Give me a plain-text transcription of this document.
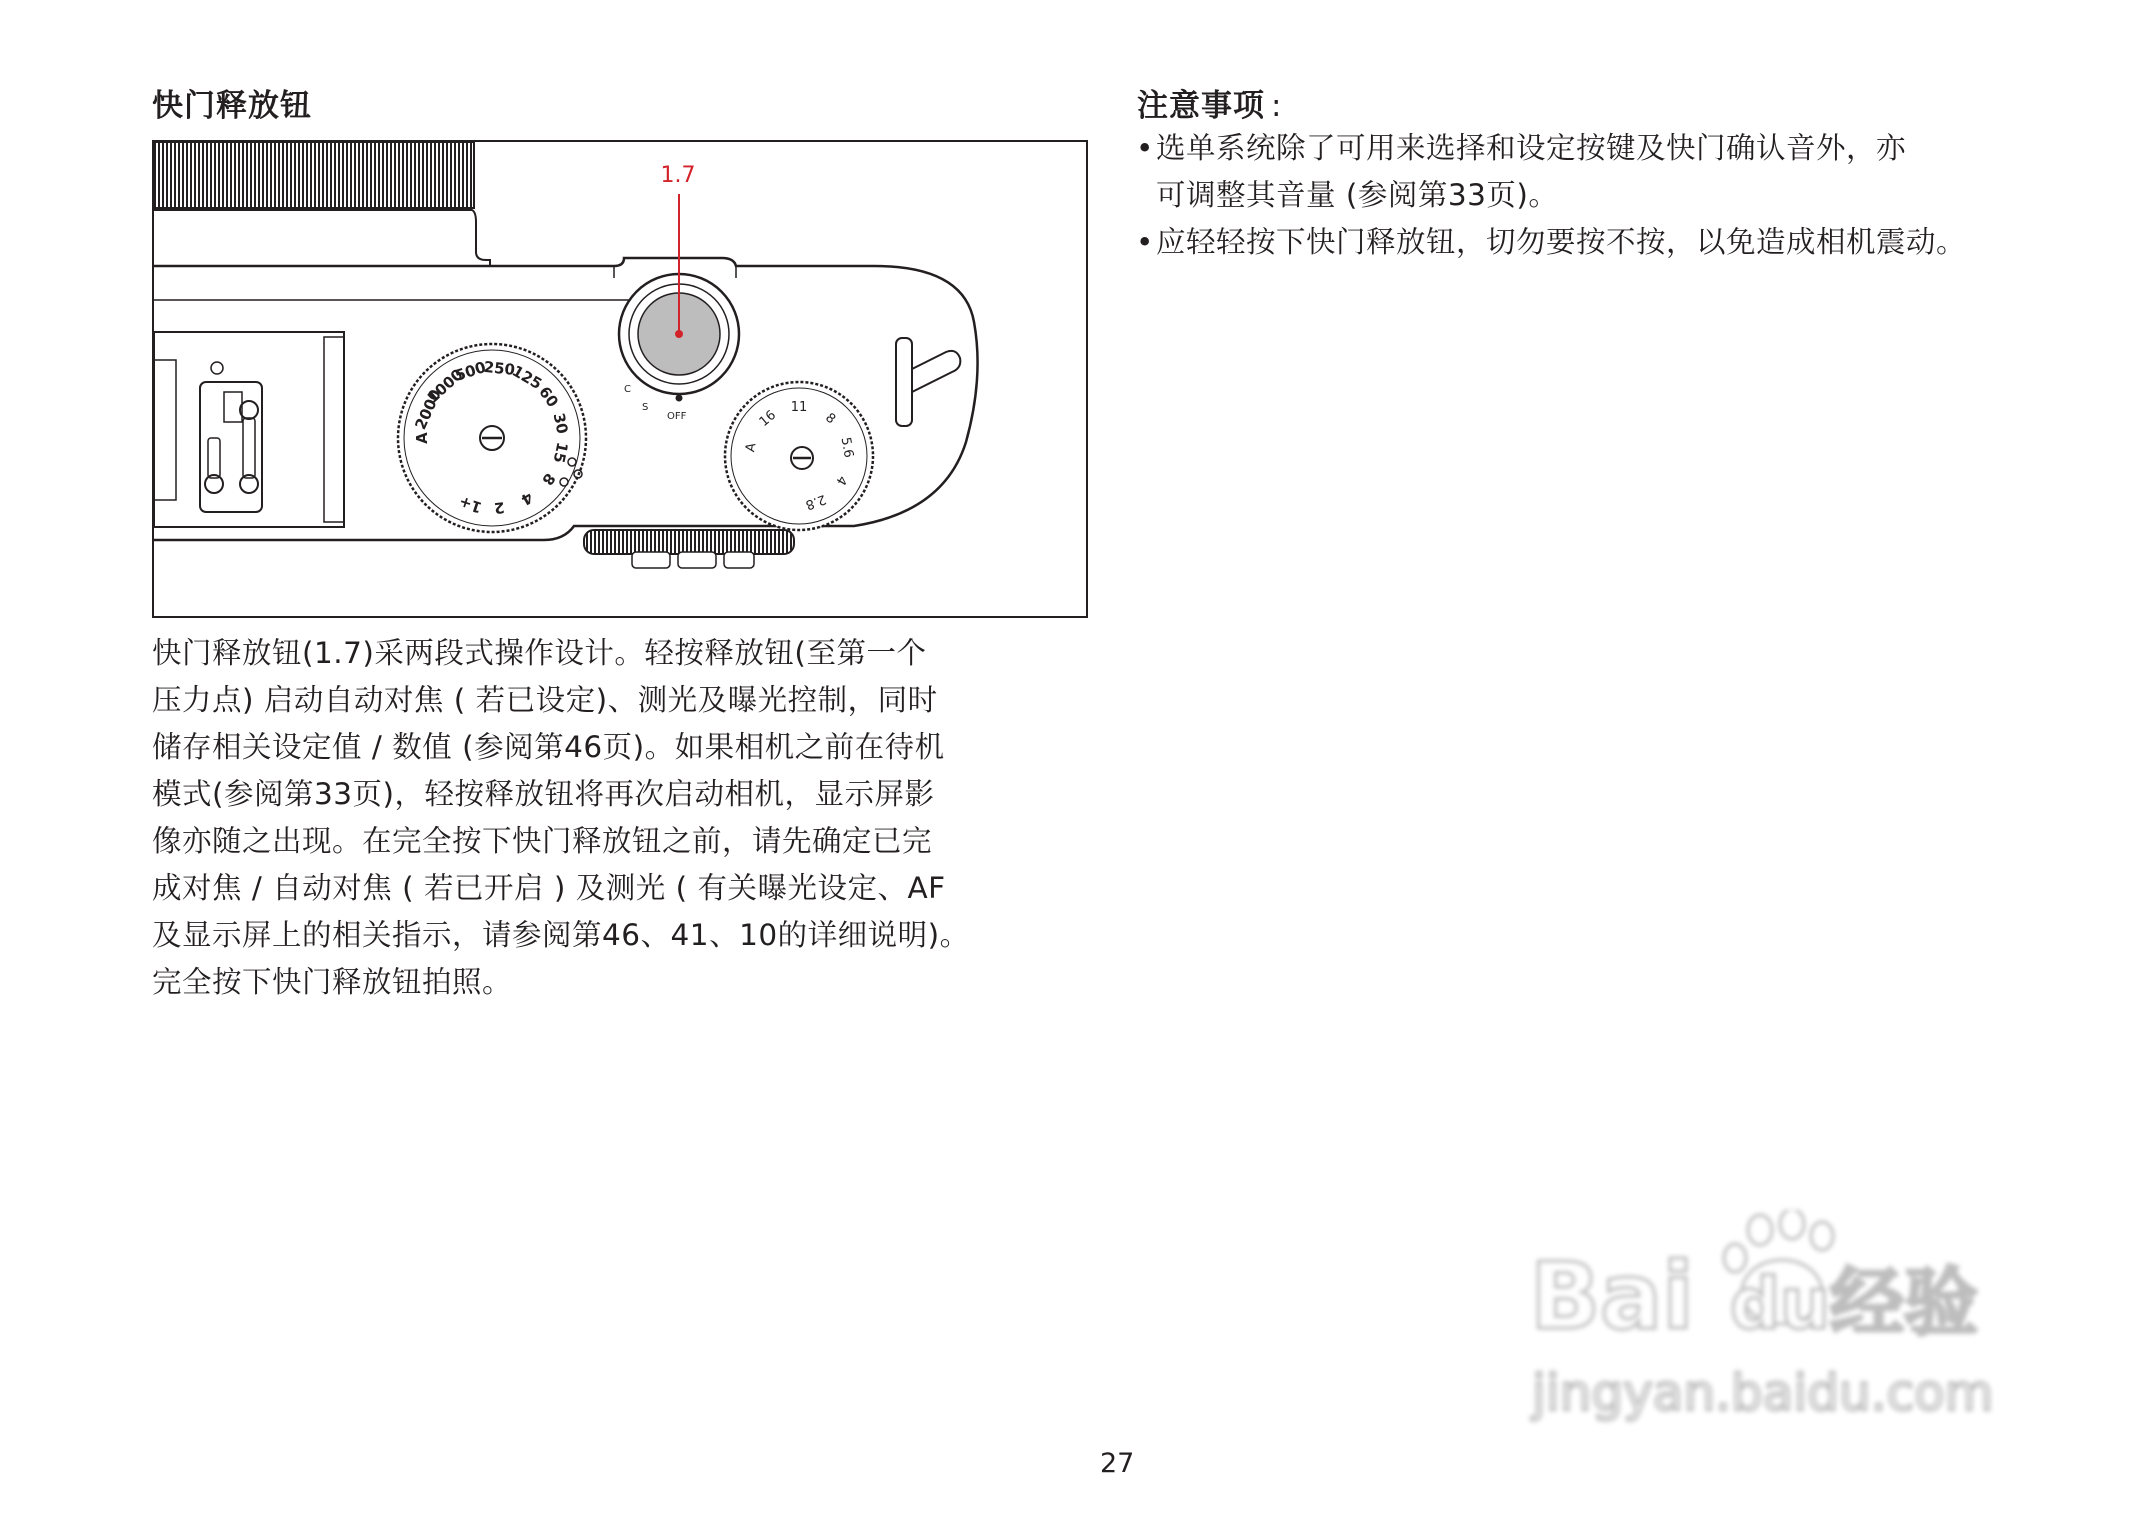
快门释放钮	注意事项 :
A
2000
1000
500
250
125
60
30
15
8
4
2
1+
C
S
OFF
1.7
A
16
11
8
5.6
4
2.8
快门释放钮(1.7)采两段式操作设计。轻按释放钮(至第一个
压力点) 启动自动对焦 ( 若已设定)、测光及曝光控制，同时
储存相关设定值 / 数值 (参阅第46页)。如果相机之前在待机
模式(参阅第33页)，轻按释放钮将再次启动相机，显示屏影
像亦随之出现。在完全按下快门释放钮之前，请先确定已完
成对焦 / 自动对焦 ( 若已开启 ) 及测光 ( 有关曝光设定、AF
及显示屏上的相关指示，请参阅第46、41、10的详细说明)。
完全按下快门释放钮拍照。
• 选单系统除了可用来选择和设定按键及快门确认音外，亦
可调整其音量 (参阅第33页)。
• 应轻轻按下快门释放钮，切勿要按不按，以免造成相机震动。
27
Bai du 经验
jingyan.baidu.com
